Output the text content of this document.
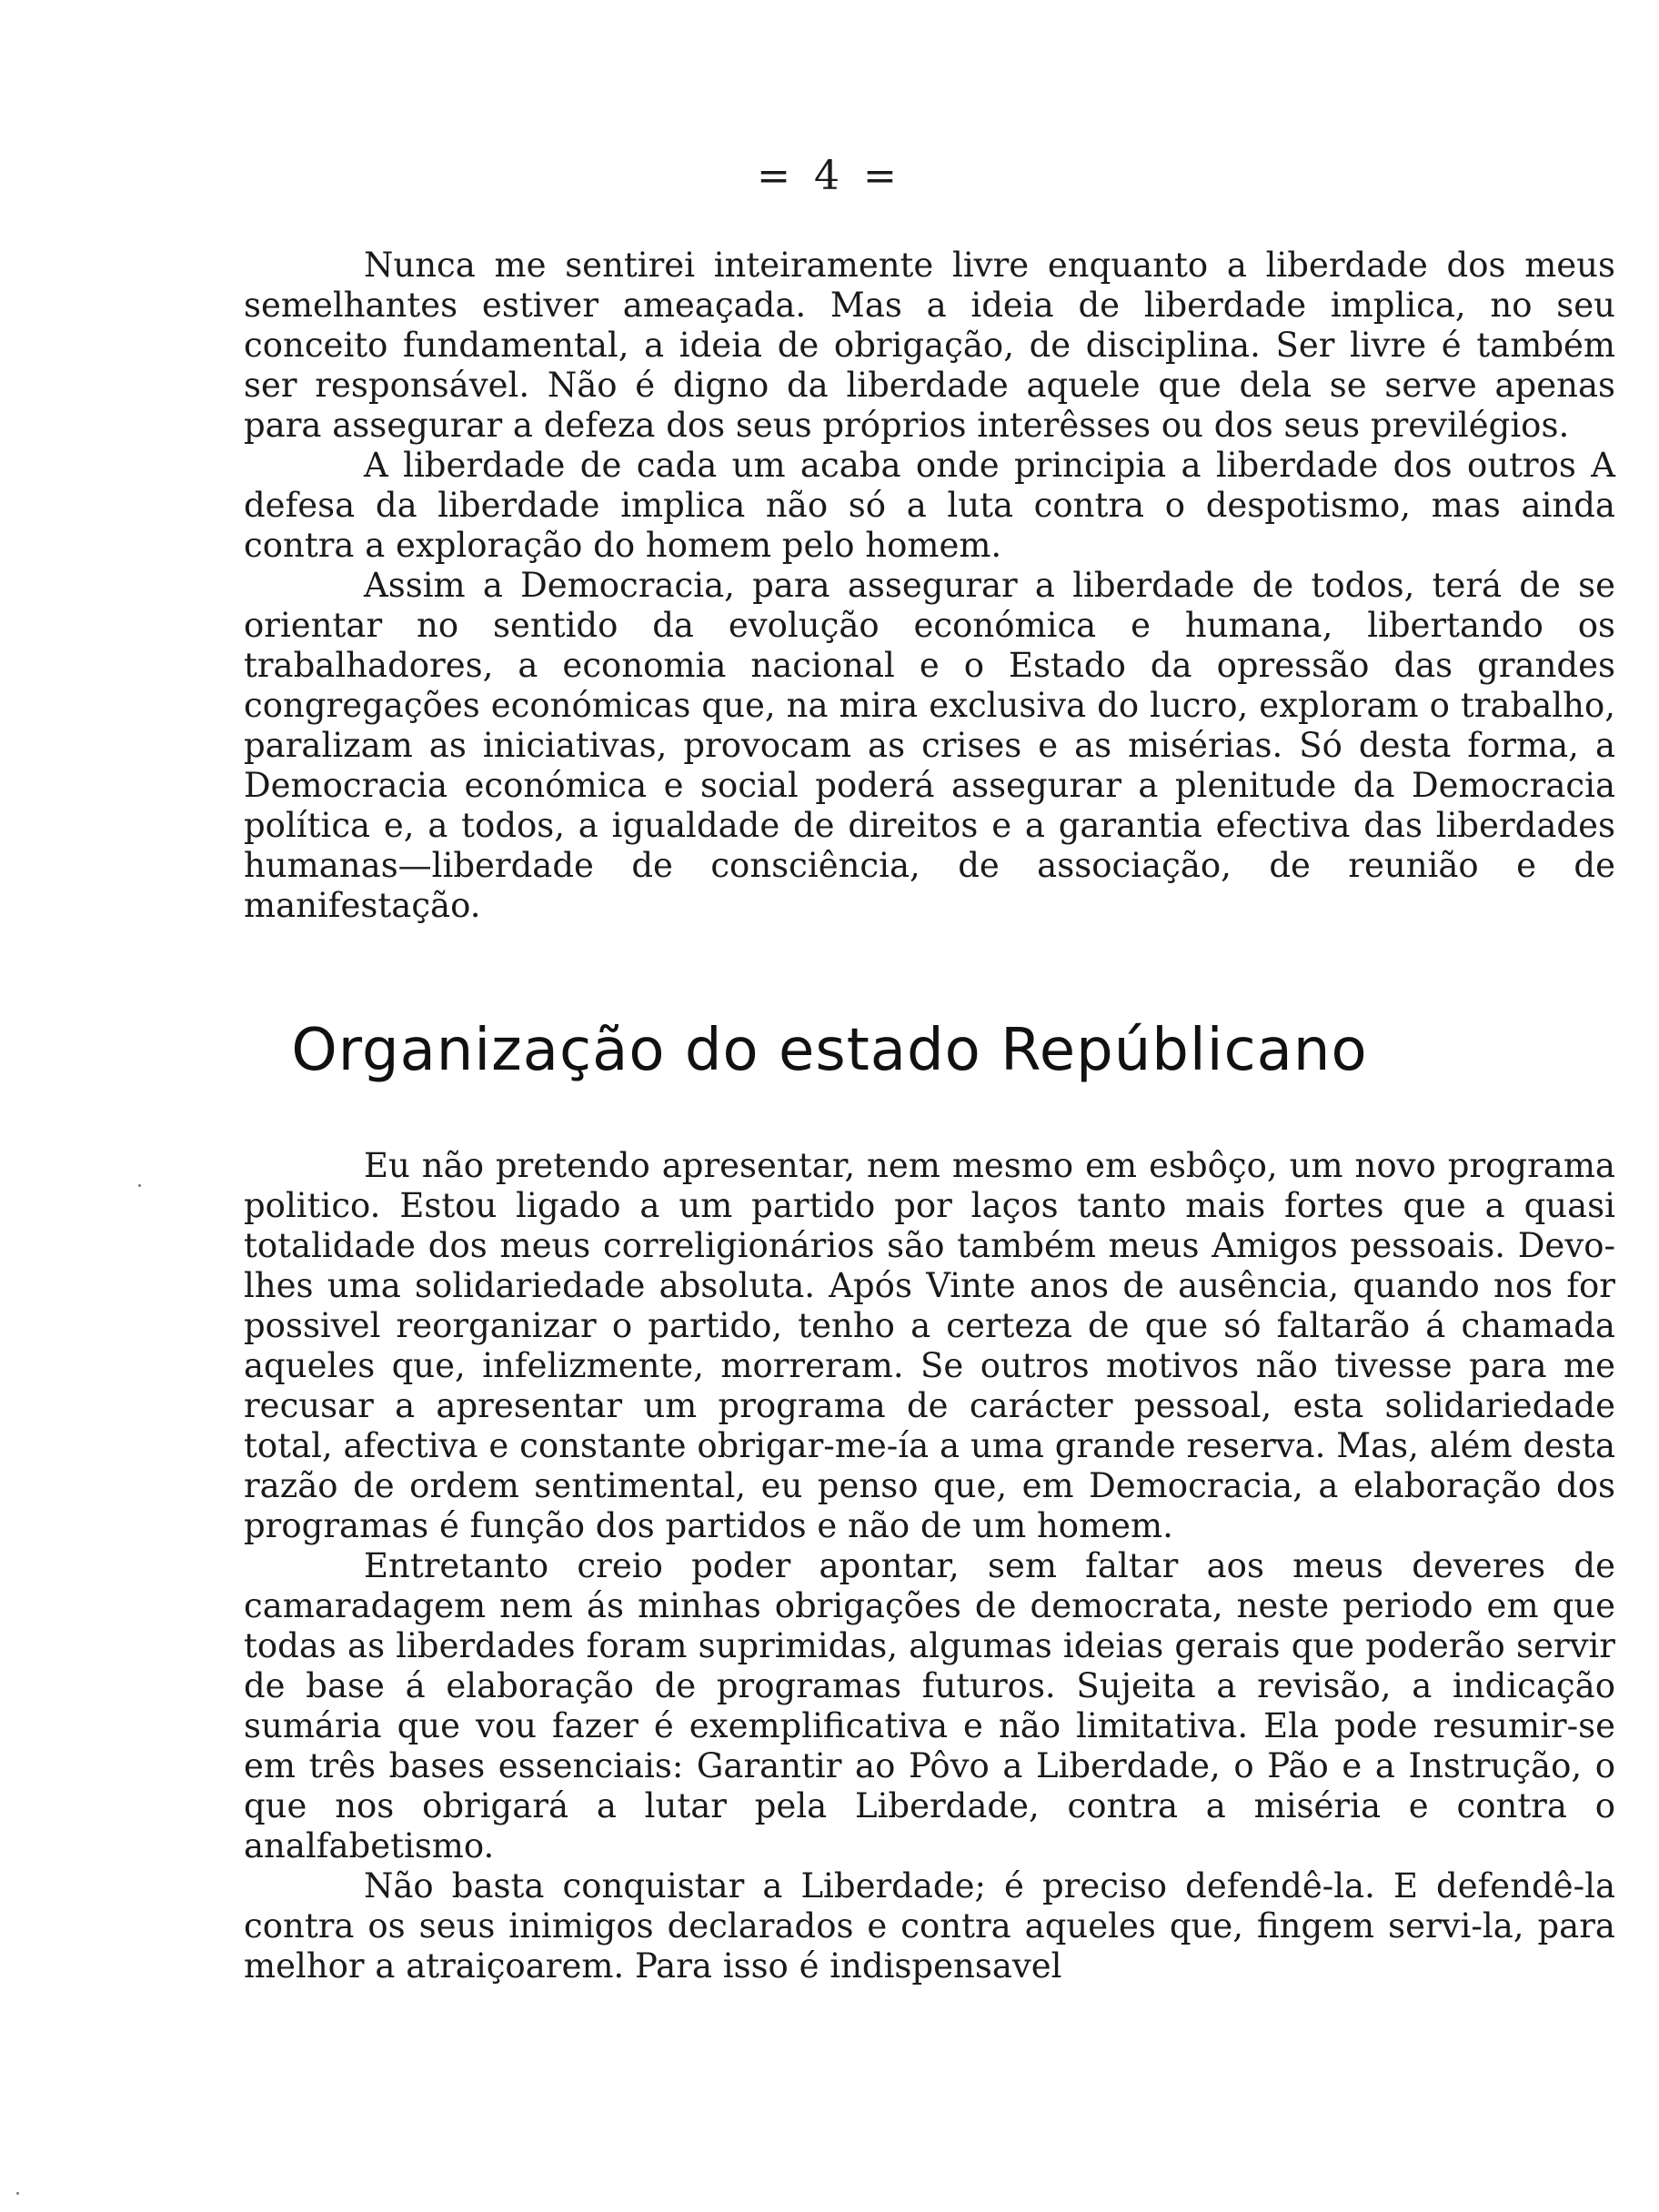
= 4 =

Nunca me sentirei inteiramente livre enquanto a liberdade dos meus semelhantes estiver ameaçada. Mas a ideia de liberdade implica, no seu conceito fundamental, a ideia de obrigação, de disciplina. Ser livre é também ser responsável. Não é digno da liberdade aquele que dela se serve apenas para assegurar a defeza dos seus próprios interêsses ou dos seus previlégios.

A liberdade de cada um acaba onde principia a liberdade dos outros A defesa da liberdade implica não só a luta contra o despotismo, mas ainda contra a exploração do homem pelo homem.

Assim a Democracia, para assegurar a liberdade de todos, terá de se orientar no sentido da evolução económica e humana, libertando os trabalhadores, a economia nacional e o Estado da opressão das grandes congregações económicas que, na mira exclusiva do lucro, exploram o trabalho, paralizam as iniciativas, provocam as crises e as misérias. Só desta forma, a Democracia económica e social poderá assegurar a plenitude da Democracia política e, a todos, a igualdade de direitos e a garantia efectiva das liberdades humanas—liberdade de consciência, de associação, de reunião e de manifestação.

Organização do estado Repúblicano

Eu não pretendo apresentar, nem mesmo em esbôço, um novo programa politico. Estou ligado a um partido por laços tanto mais fortes que a quasi totalidade dos meus correligionários são também meus Amigos pessoais. Devo-lhes uma solidariedade absoluta. Após Vinte anos de ausência, quando nos for possivel reorganizar o partido, tenho a certeza de que só faltarão á chamada aqueles que, infelizmente, morreram. Se outros motivos não tivesse para me recusar a apresentar um programa de carácter pessoal, esta solidariedade total, afectiva e constante obrigar-me-ía a uma grande reserva. Mas, além desta razão de ordem sentimental, eu penso que, em Democracia, a elaboração dos programas é função dos partidos e não de um homem.

Entretanto creio poder apontar, sem faltar aos meus deveres de camaradagem nem ás minhas obrigações de democrata, neste periodo em que todas as liberdades foram suprimidas, algumas ideias gerais que poderão servir de base á elaboração de programas futuros. Sujeita a revisão, a indicação sumária que vou fazer é exemplificativa e não limitativa. Ela pode resumir-se em três bases essenciais: Garantir ao Pôvo a Liberdade, o Pão e a Instrução, o que nos obrigará a lutar pela Liberdade, contra a miséria e contra o analfabetismo.

Não basta conquistar a Liberdade; é preciso defendê-la. E defendê-la contra os seus inimigos declarados e contra aqueles que, fingem servi-la, para melhor a atraiçoarem. Para isso é indispensavel
